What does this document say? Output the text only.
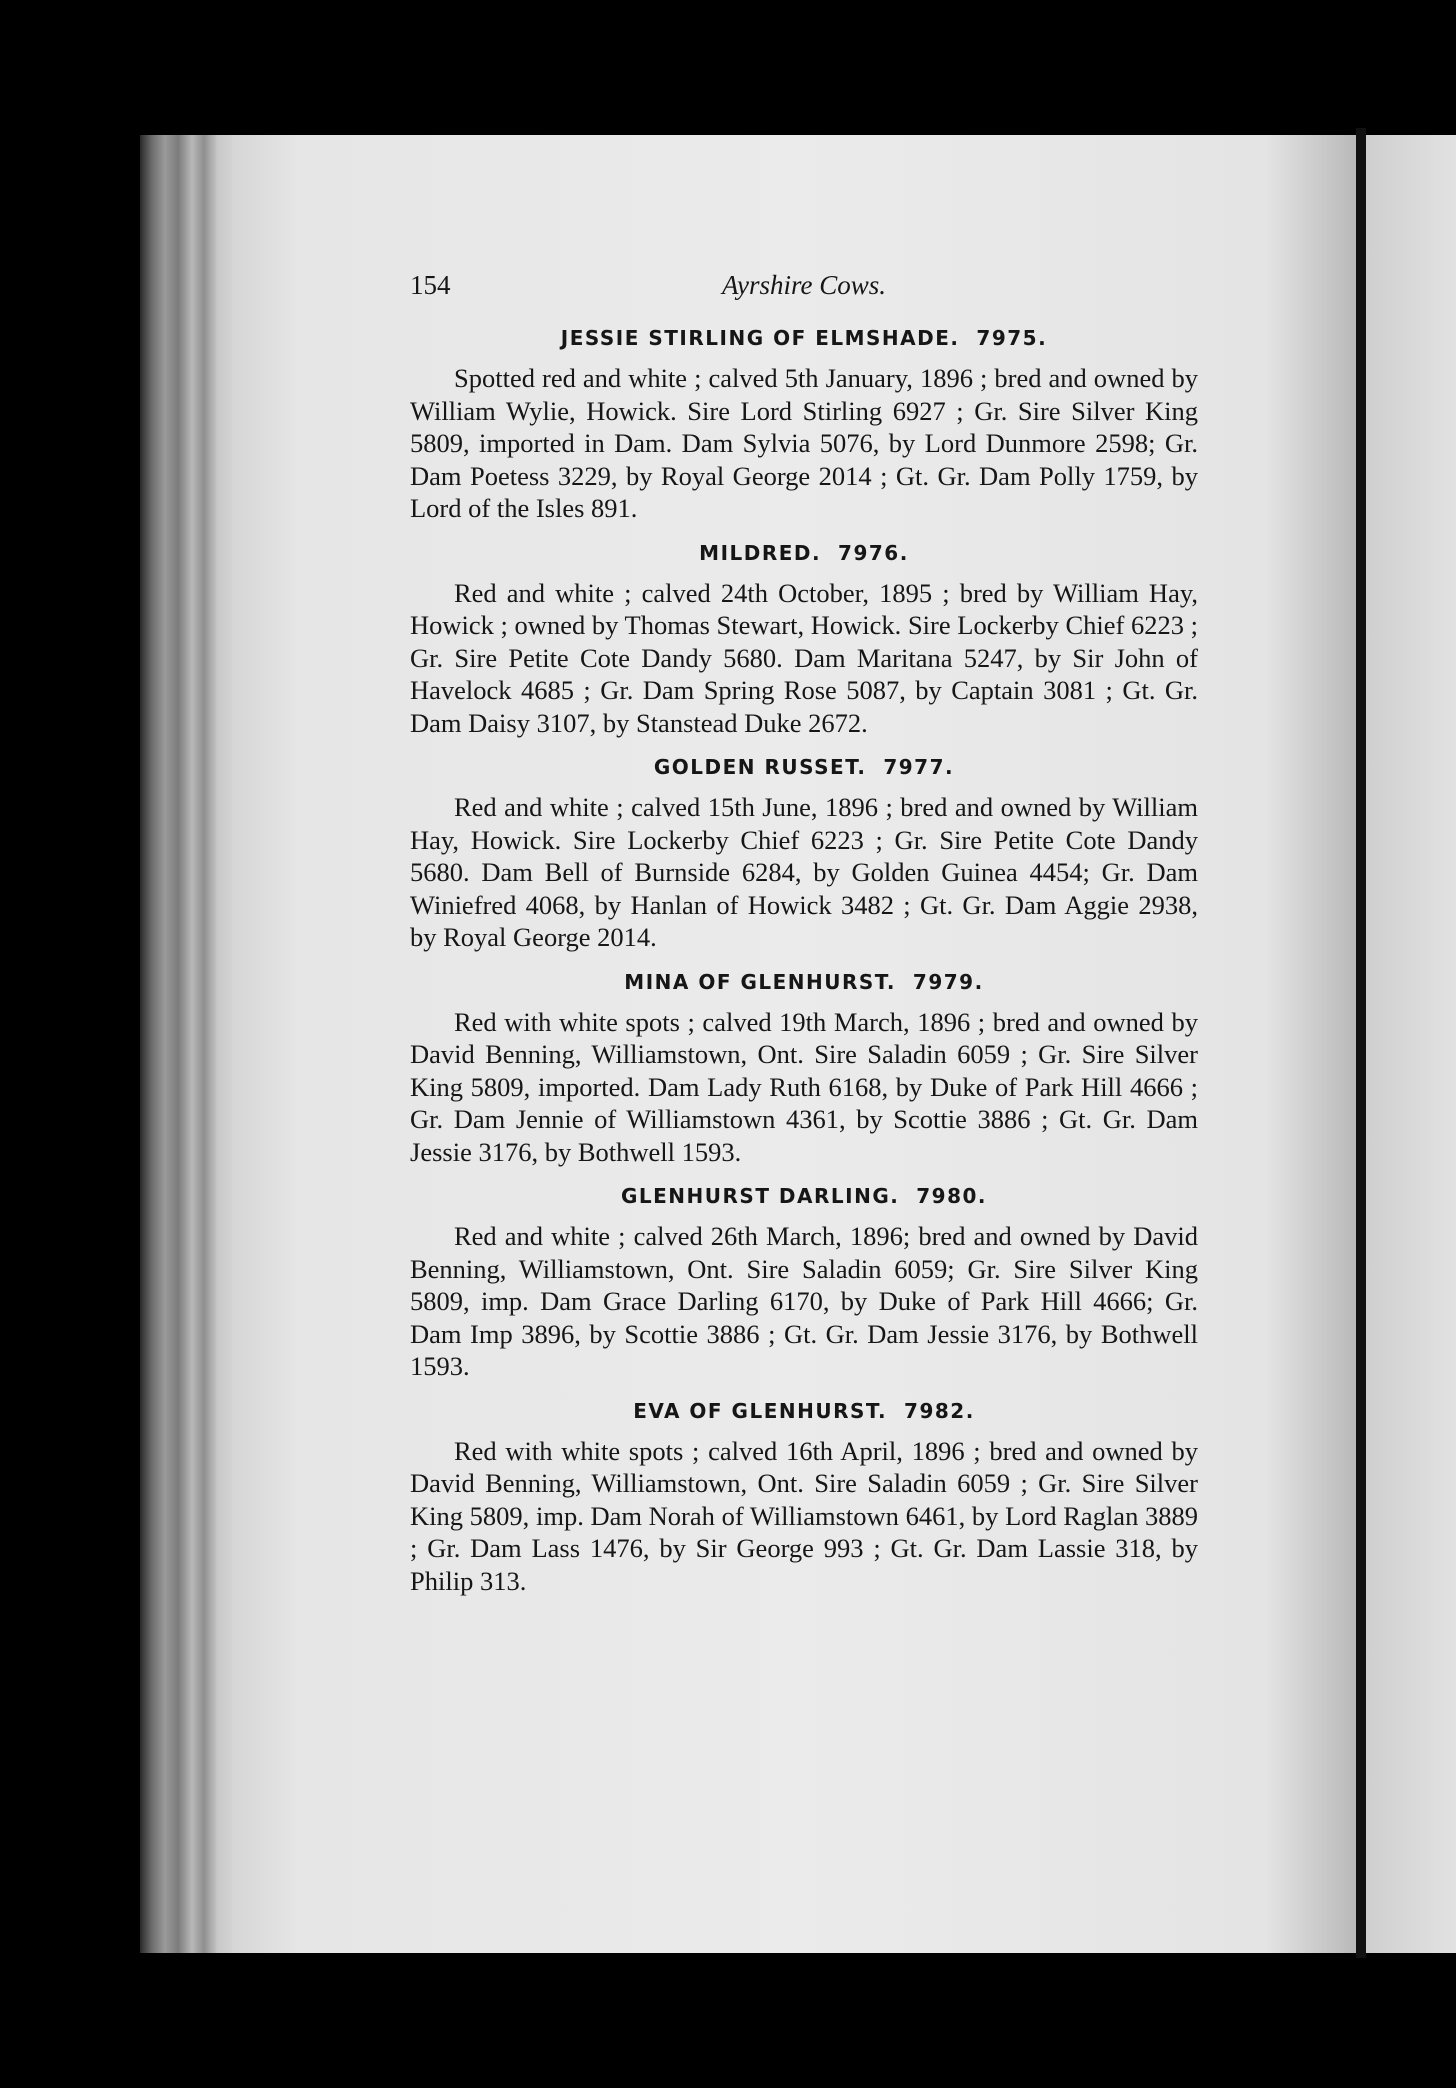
154	Ayrshire Cows.
JESSIE STIRLING OF ELMSHADE.  7975.

Spotted red and white ; calved 5th January, 1896 ; bred and owned by William Wylie, Howick. Sire Lord Stirling 6927 ; Gr. Sire Silver King 5809, imported in Dam. Dam Sylvia 5076, by Lord Dunmore 2598; Gr. Dam Poetess 3229, by Royal George 2014 ; Gt. Gr. Dam Polly 1759, by Lord of the Isles 891.

MILDRED.  7976.

Red and white ; calved 24th October, 1895 ; bred by William Hay, Howick ; owned by Thomas Stewart, Howick. Sire Lockerby Chief 6223 ; Gr. Sire Petite Cote Dandy 5680. Dam Maritana 5247, by Sir John of Havelock 4685 ; Gr. Dam Spring Rose 5087, by Captain 3081 ; Gt. Gr. Dam Daisy 3107, by Stanstead Duke 2672.

GOLDEN RUSSET.  7977.

Red and white ; calved 15th June, 1896 ; bred and owned by William Hay, Howick. Sire Lockerby Chief 6223 ; Gr. Sire Petite Cote Dandy 5680. Dam Bell of Burnside 6284, by Golden Guinea 4454; Gr. Dam Winiefred 4068, by Hanlan of Howick 3482 ; Gt. Gr. Dam Aggie 2938, by Royal George 2014.

MINA OF GLENHURST.  7979.

Red with white spots ; calved 19th March, 1896 ; bred and owned by David Benning, Williamstown, Ont. Sire Saladin 6059 ; Gr. Sire Silver King 5809, imported. Dam Lady Ruth 6168, by Duke of Park Hill 4666 ; Gr. Dam Jennie of Williamstown 4361, by Scottie 3886 ; Gt. Gr. Dam Jessie 3176, by Bothwell 1593.

GLENHURST DARLING.  7980.

Red and white ; calved 26th March, 1896; bred and owned by David Benning, Williamstown, Ont. Sire Saladin 6059; Gr. Sire Silver King 5809, imp. Dam Grace Darling 6170, by Duke of Park Hill 4666; Gr. Dam Imp 3896, by Scottie 3886 ; Gt. Gr. Dam Jessie 3176, by Bothwell 1593.

EVA OF GLENHURST.  7982.

Red with white spots ; calved 16th April, 1896 ; bred and owned by David Benning, Williamstown, Ont. Sire Saladin 6059 ; Gr. Sire Silver King 5809, imp. Dam Norah of Williamstown 6461, by Lord Raglan 3889 ; Gr. Dam Lass 1476, by Sir George 993 ; Gt. Gr. Dam Lassie 318, by Philip 313.
